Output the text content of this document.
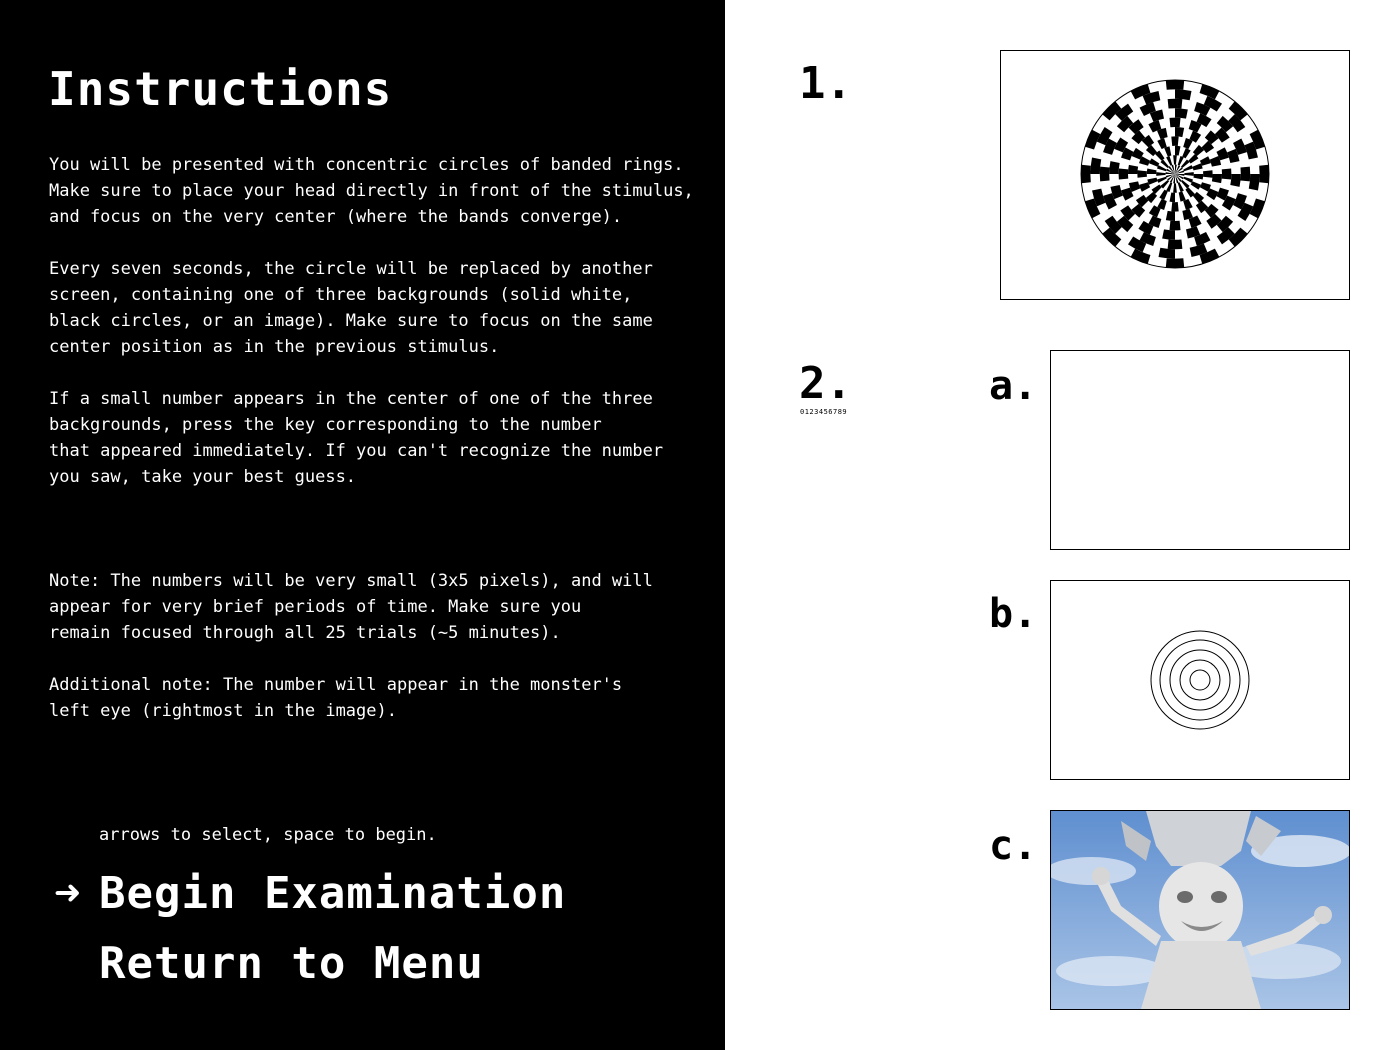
Instructions

You will be presented with concentric circles of banded rings.
Make sure to place your head directly in front of the stimulus,
and focus on the very center (where the bands converge).

Every seven seconds, the circle will be replaced by another
screen, containing one of three backgrounds (solid white,
black circles, or an image). Make sure to focus on the same
center position as in the previous stimulus.

If a small number appears in the center of one of the three
backgrounds, press the key corresponding to the number
that appeared immediately. If you can't recognize the number
you saw, take your best guess.

Note: The numbers will be very small (3x5 pixels), and will
appear for very brief periods of time. Make sure you
remain focused through all 25 trials (~5 minutes).

Additional note: The number will appear in the monster's
left eye (rightmost in the image).

arrows to select, space to begin.
➜ Begin Examination
Return to Menu
1.
2.
0123456789
a.
b.
c.
